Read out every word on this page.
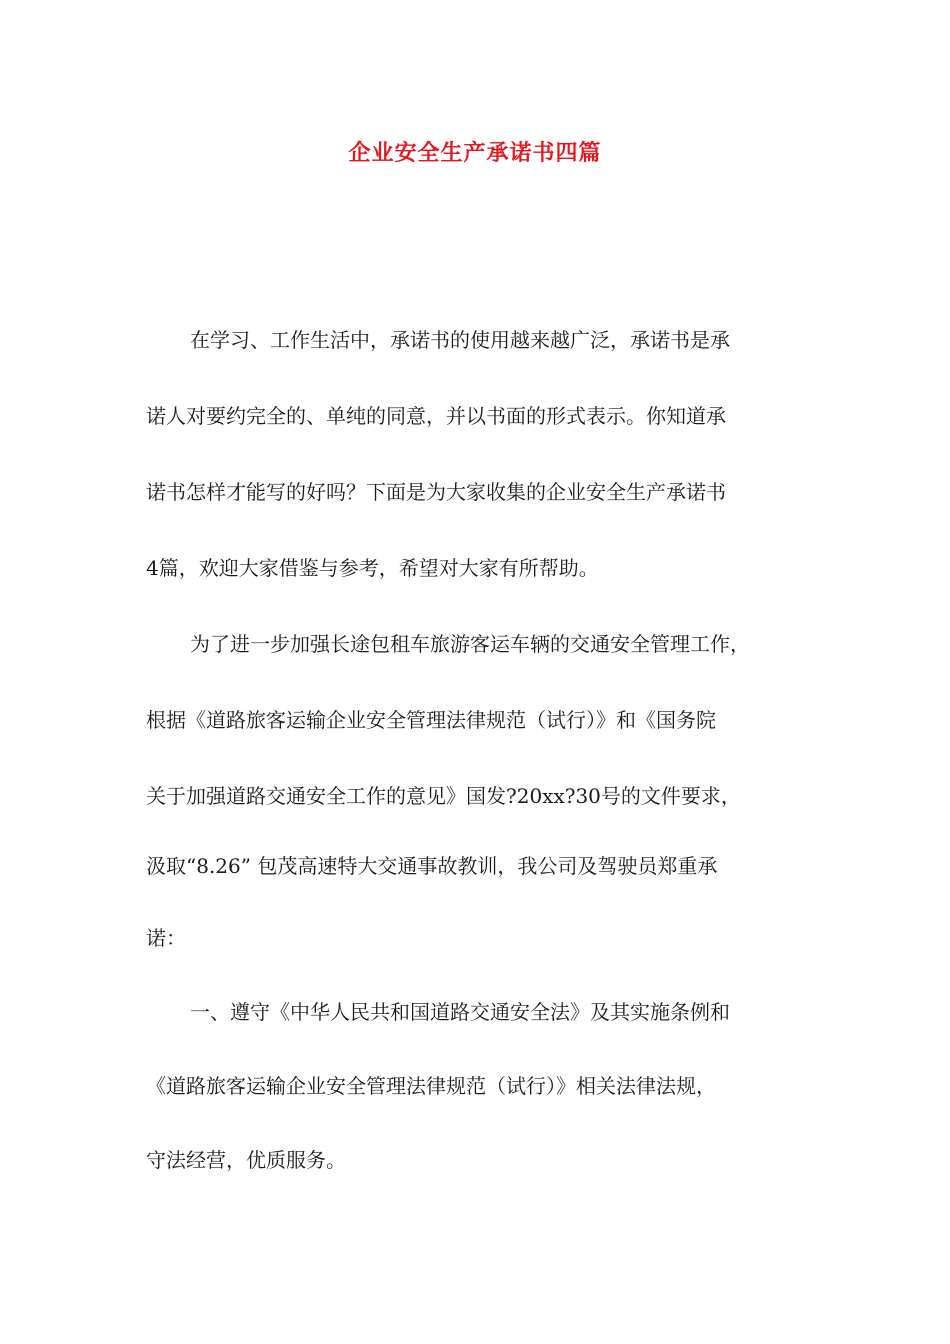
企业安全生产承诺书四篇
在学习、工作生活中，承诺书的使用越来越广泛，承诺书是承
诺人对要约完全的、单纯的同意，并以书面的形式表示。你知道承
诺书怎样才能写的好吗？下面是为大家收集的企业安全生产承诺书
4篇，欢迎大家借鉴与参考，希望对大家有所帮助。
为了进一步加强长途包租车旅游客运车辆的交通安全管理工作，
根据《道路旅客运输企业安全管理法律规范（试行）》和《国务院
关于加强道路交通安全工作的意见》国发?20xx?30号的文件要求，
汲取“8.26” 包茂高速特大交通事故教训，我公司及驾驶员郑重承
诺：
一、遵守《中华人民共和国道路交通安全法》及其实施条例和
《道路旅客运输企业安全管理法律规范（试行）》相关法律法规，
守法经营，优质服务。
